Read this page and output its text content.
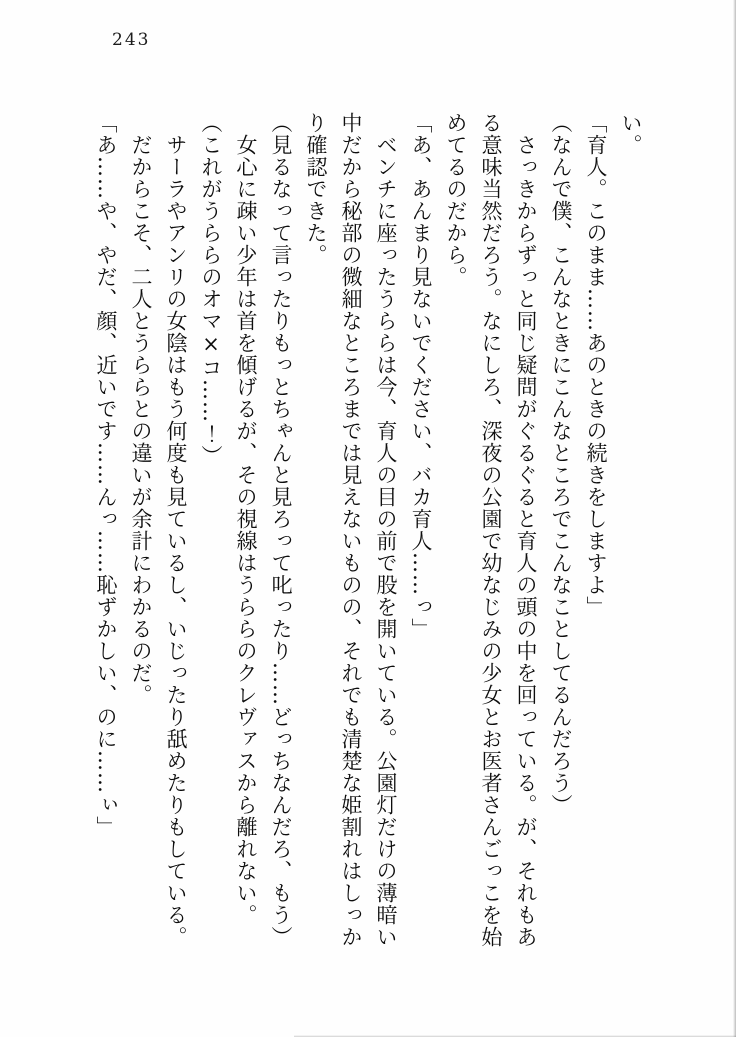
243
い。
「育人。このまま……あのときの続きをしますよ」
（なんで僕、こんなときにこんなところでこんなことしてるんだろう）
さっきからずっと同じ疑問がぐるぐると育人の頭の中を回っている。が、それもあ
る意味当然だろう。なにしろ、深夜の公園で幼なじみの少女とお医者さんごっこを始
めてるのだから。
「あ、あんまり見ないでください、バカ育人……っ」
ベンチに座ったうららは今、育人の目の前で股を開いている。公園灯だけの薄暗い
中だから秘部の微細なところまでは見えないものの、それでも清楚な姫割れはしっか
り確認できた。
（見るなって言ったりもっとちゃんと見ろって叱ったり……どっちなんだろ、もう）
女心に疎い少年は首を傾げるが、その視線はうららのクレヴァスから離れない。
（これがうららのオマ×コ……！）
サーラやアンリの女陰はもう何度も見ているし、いじったり舐めたりもしている。
だからこそ、二人とうららとの違いが余計にわかるのだ。
「あ……や、やだ、顔、近いです……んっ……恥ずかしい、のに……ぃ」
